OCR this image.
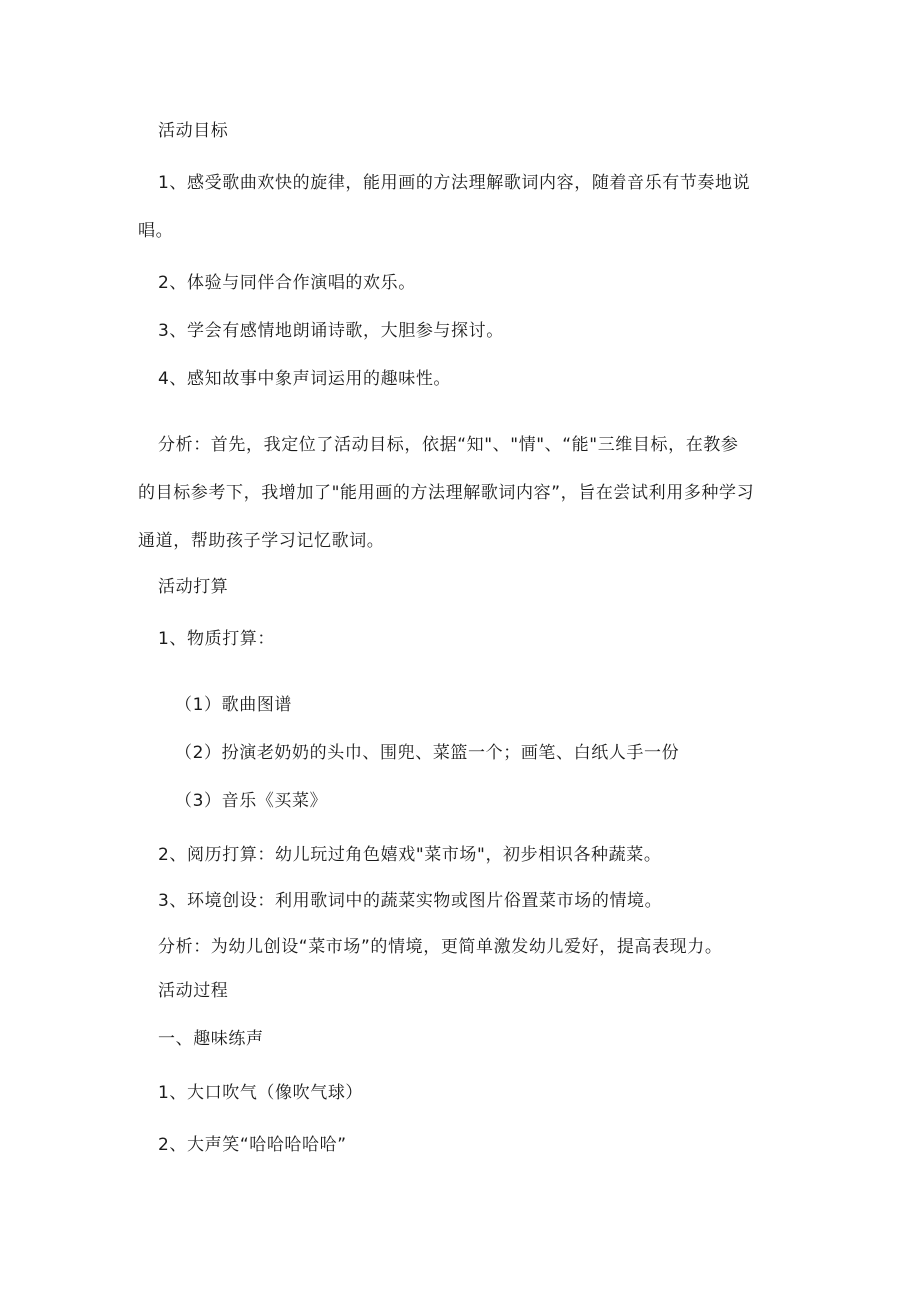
活动目标
1、感受歌曲欢快的旋律，能用画的方法理解歌词内容，随着音乐有节奏地说
唱。
2、体验与同伴合作演唱的欢乐。
3、学会有感情地朗诵诗歌，大胆参与探讨。
4、感知故事中象声词运用的趣味性。
分析：首先，我定位了活动目标，依据“知"、"情"、“能"三维目标，在教参
的目标参考下，我增加了"能用画的方法理解歌词内容”，旨在尝试利用多种学习
通道，帮助孩子学习记忆歌词。
活动打算
1、物质打算：
（1）歌曲图谱
（2）扮演老奶奶的头巾、围兜、菜篮一个；画笔、白纸人手一份
（3）音乐《买菜》
2、阅历打算：幼儿玩过角色嬉戏"菜市场"，初步相识各种蔬菜。
3、环境创设：利用歌词中的蔬菜实物或图片俗置菜市场的情境。
分析：为幼儿创设“菜市场”的情境，更简单激发幼儿爱好，提高表现力。
活动过程
一、趣味练声
1、大口吹气（像吹气球）
2、大声笑“哈哈哈哈哈”
